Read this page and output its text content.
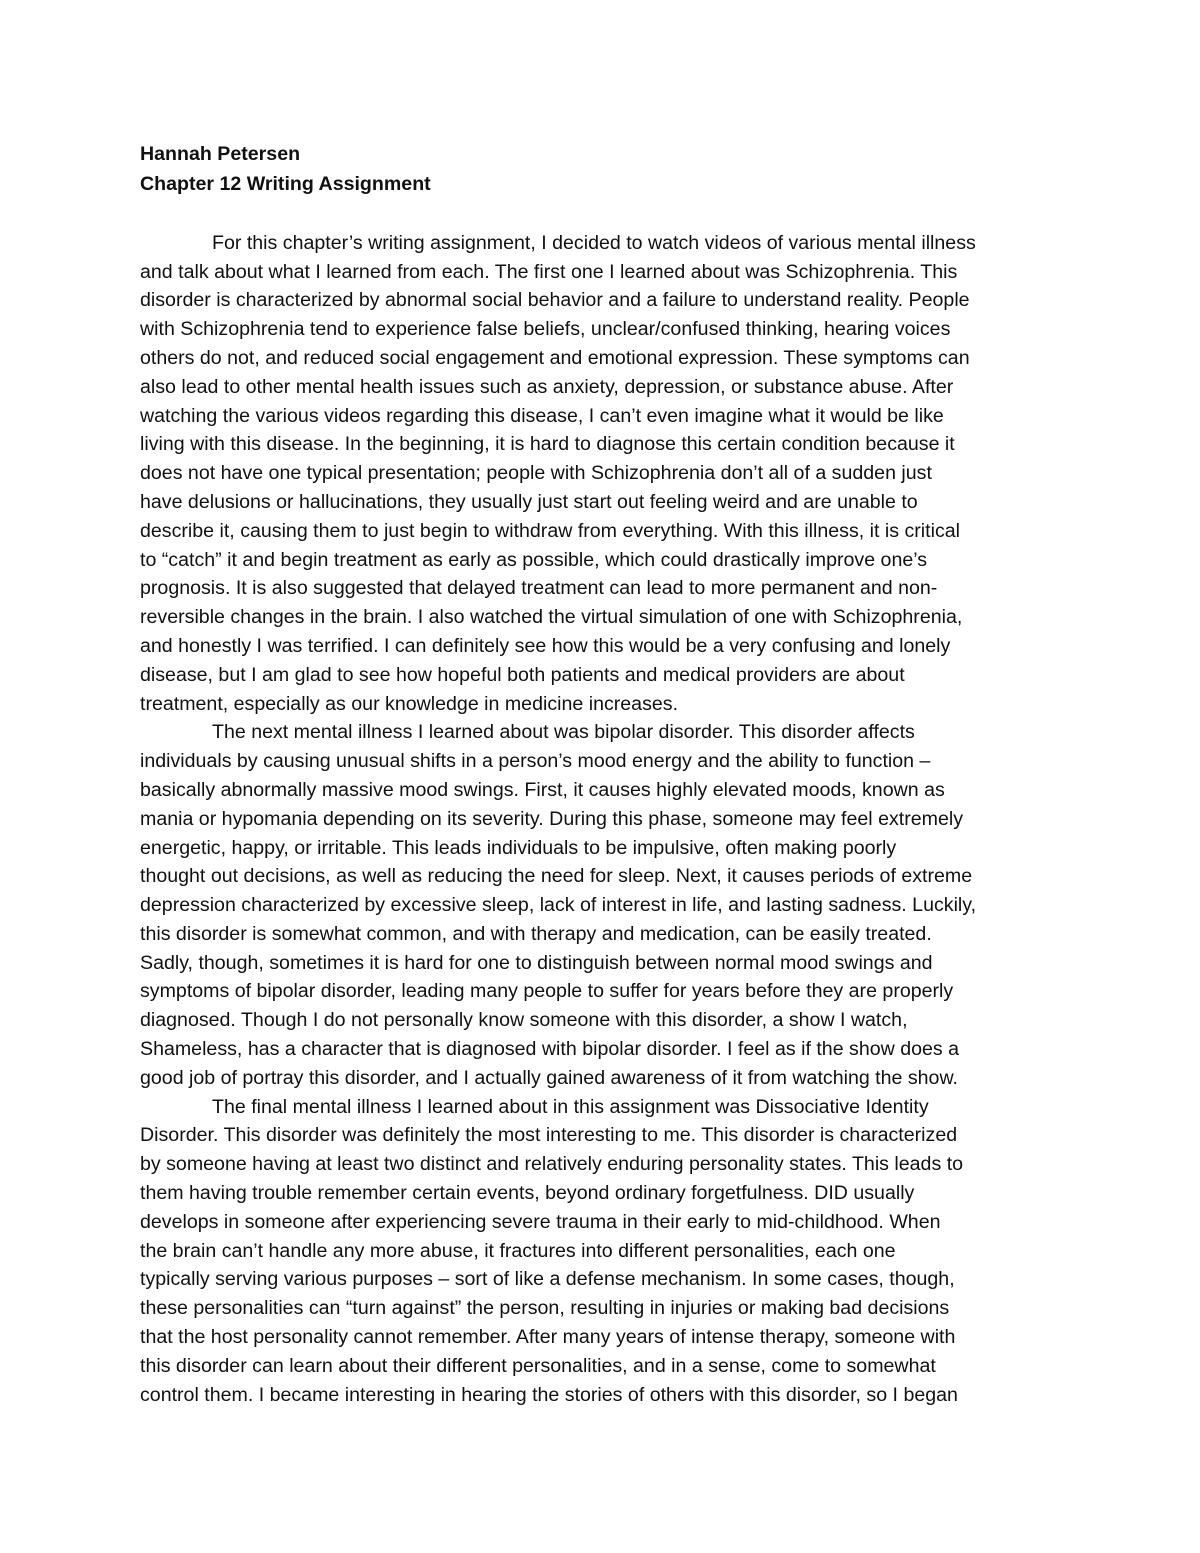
Hannah Petersen
Chapter 12 Writing Assignment
For this chapter’s writing assignment, I decided to watch videos of various mental illness
and talk about what I learned from each. The first one I learned about was Schizophrenia. This
disorder is characterized by abnormal social behavior and a failure to understand reality. People
with Schizophrenia tend to experience false beliefs, unclear/confused thinking, hearing voices
others do not, and reduced social engagement and emotional expression. These symptoms can
also lead to other mental health issues such as anxiety, depression, or substance abuse. After
watching the various videos regarding this disease, I can’t even imagine what it would be like
living with this disease. In the beginning, it is hard to diagnose this certain condition because it
does not have one typical presentation; people with Schizophrenia don’t all of a sudden just
have delusions or hallucinations, they usually just start out feeling weird and are unable to
describe it, causing them to just begin to withdraw from everything. With this illness, it is critical
to “catch” it and begin treatment as early as possible, which could drastically improve one’s
prognosis. It is also suggested that delayed treatment can lead to more permanent and non-
reversible changes in the brain. I also watched the virtual simulation of one with Schizophrenia,
and honestly I was terrified. I can definitely see how this would be a very confusing and lonely
disease, but I am glad to see how hopeful both patients and medical providers are about
treatment, especially as our knowledge in medicine increases.
The next mental illness I learned about was bipolar disorder. This disorder affects
individuals by causing unusual shifts in a person’s mood energy and the ability to function –
basically abnormally massive mood swings. First, it causes highly elevated moods, known as
mania or hypomania depending on its severity. During this phase, someone may feel extremely
energetic, happy, or irritable. This leads individuals to be impulsive, often making poorly
thought out decisions, as well as reducing the need for sleep. Next, it causes periods of extreme
depression characterized by excessive sleep, lack of interest in life, and lasting sadness. Luckily,
this disorder is somewhat common, and with therapy and medication, can be easily treated.
Sadly, though, sometimes it is hard for one to distinguish between normal mood swings and
symptoms of bipolar disorder, leading many people to suffer for years before they are properly
diagnosed. Though I do not personally know someone with this disorder, a show I watch,
Shameless, has a character that is diagnosed with bipolar disorder. I feel as if the show does a
good job of portray this disorder, and I actually gained awareness of it from watching the show.
The final mental illness I learned about in this assignment was Dissociative Identity
Disorder. This disorder was definitely the most interesting to me. This disorder is characterized
by someone having at least two distinct and relatively enduring personality states. This leads to
them having trouble remember certain events, beyond ordinary forgetfulness. DID usually
develops in someone after experiencing severe trauma in their early to mid-childhood. When
the brain can’t handle any more abuse, it fractures into different personalities, each one
typically serving various purposes – sort of like a defense mechanism. In some cases, though,
these personalities can “turn against” the person, resulting in injuries or making bad decisions
that the host personality cannot remember. After many years of intense therapy, someone with
this disorder can learn about their different personalities, and in a sense, come to somewhat
control them. I became interesting in hearing the stories of others with this disorder, so I began
